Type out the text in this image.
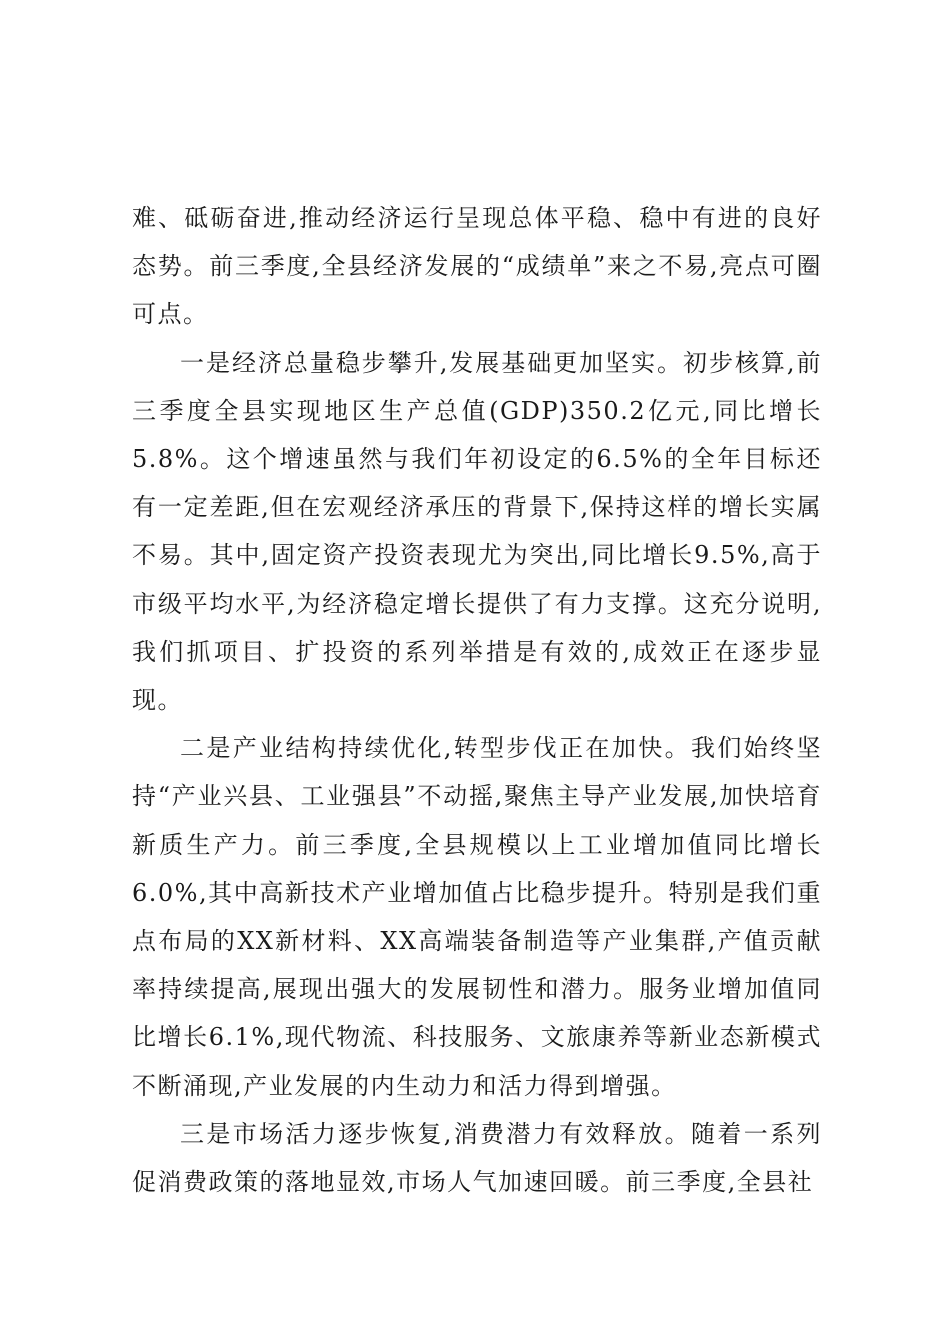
难、砥砺奋进,推动经济运行呈现总体平稳、稳中有进的良好态势。前三季度,全县经济发展的“成绩单”来之不易,亮点可圈可点。

一是经济总量稳步攀升,发展基础更加坚实。初步核算,前三季度全县实现地区生产总值(GDP)350.2亿元,同比增长5.8%。这个增速虽然与我们年初设定的6.5%的全年目标还有一定差距,但在宏观经济承压的背景下,保持这样的增长实属不易。其中,固定资产投资表现尤为突出,同比增长9.5%,高于市级平均水平,为经济稳定增长提供了有力支撑。这充分说明,我们抓项目、扩投资的系列举措是有效的,成效正在逐步显现。

二是产业结构持续优化,转型步伐正在加快。我们始终坚持“产业兴县、工业强县”不动摇,聚焦主导产业发展,加快培育新质生产力。前三季度,全县规模以上工业增加值同比增长6.0%,其中高新技术产业增加值占比稳步提升。特别是我们重点布局的XX新材料、XX高端装备制造等产业集群,产值贡献率持续提高,展现出强大的发展韧性和潜力。服务业增加值同比增长6.1%,现代物流、科技服务、文旅康养等新业态新模式不断涌现,产业发展的内生动力和活力得到增强。

三是市场活力逐步恢复,消费潜力有效释放。随着一系列促消费政策的落地显效,市场人气加速回暖。前三季度,全县社
